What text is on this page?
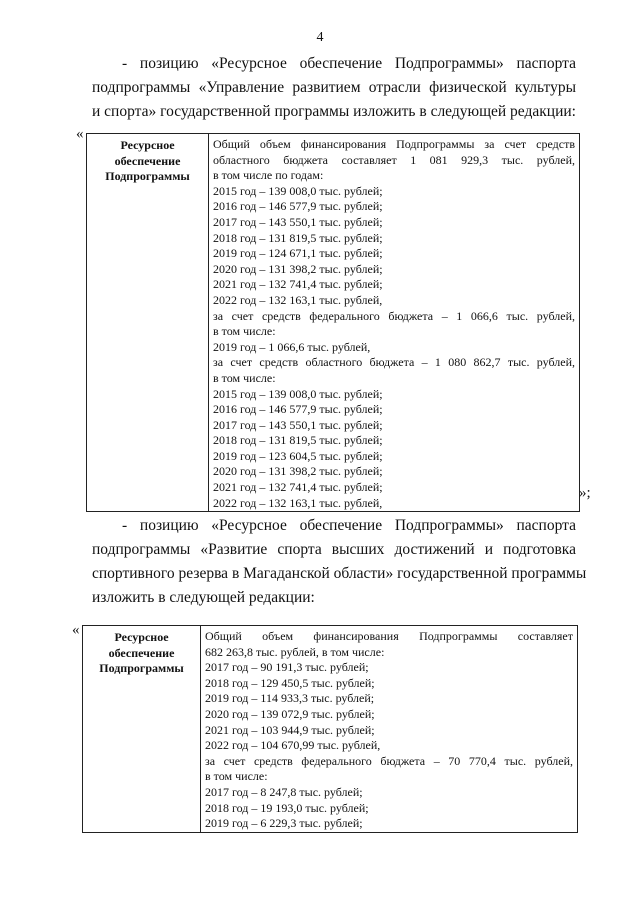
4
- позицию «Ресурсное обеспечение Подпрограммы» паспорта
подпрограммы «Управление развитием отрасли физической культуры
и спорта» государственной программы изложить в следующей редакции:
«
Ресурсное
обеспечение
Подпрограммы

Общий объем финансирования Подпрограммы за счет средств
областного бюджета составляет 1 081 929,3 тыс. рублей,
в том числе по годам:
2015 год – 139 008,0 тыс. рублей;
2016 год – 146 577,9 тыс. рублей;
2017 год – 143 550,1 тыс. рублей;
2018 год – 131 819,5 тыс. рублей;
2019 год – 124 671,1 тыс. рублей;
2020 год – 131 398,2 тыс. рублей;
2021 год – 132 741,4 тыс. рублей;
2022 год – 132 163,1 тыс. рублей,
за счет средств федерального бюджета – 1 066,6 тыс. рублей,
в том числе:
2019 год – 1 066,6 тыс. рублей,
за счет средств областного бюджета – 1 080 862,7 тыс. рублей,
в том числе:
2015 год – 139 008,0 тыс. рублей;
2016 год – 146 577,9 тыс. рублей;
2017 год – 143 550,1 тыс. рублей;
2018 год – 131 819,5 тыс. рублей;
2019 год – 123 604,5 тыс. рублей;
2020 год – 131 398,2 тыс. рублей;
2021 год – 132 741,4 тыс. рублей;
2022 год – 132 163,1 тыс. рублей,
»;
- позицию «Ресурсное обеспечение Подпрограммы» паспорта
подпрограммы «Развитие спорта высших достижений и подготовка
спортивного резерва в Магаданской области» государственной программы
изложить в следующей редакции:
«	Ресурсное
обеспечение
Подпрограммы

Общий объем финансирования Подпрограммы составляет
682 263,8 тыс. рублей, в том числе:
2017 год – 90 191,3 тыс. рублей;
2018 год – 129 450,5 тыс. рублей;
2019 год – 114 933,3 тыс. рублей;
2020 год – 139 072,9 тыс. рублей;
2021 год – 103 944,9 тыс. рублей;
2022 год – 104 670,99 тыс. рублей,
за счет средств федерального бюджета – 70 770,4 тыс. рублей,
в том числе:
2017 год – 8 247,8 тыс. рублей;
2018 год – 19 193,0 тыс. рублей;
2019 год – 6 229,3 тыс. рублей;
